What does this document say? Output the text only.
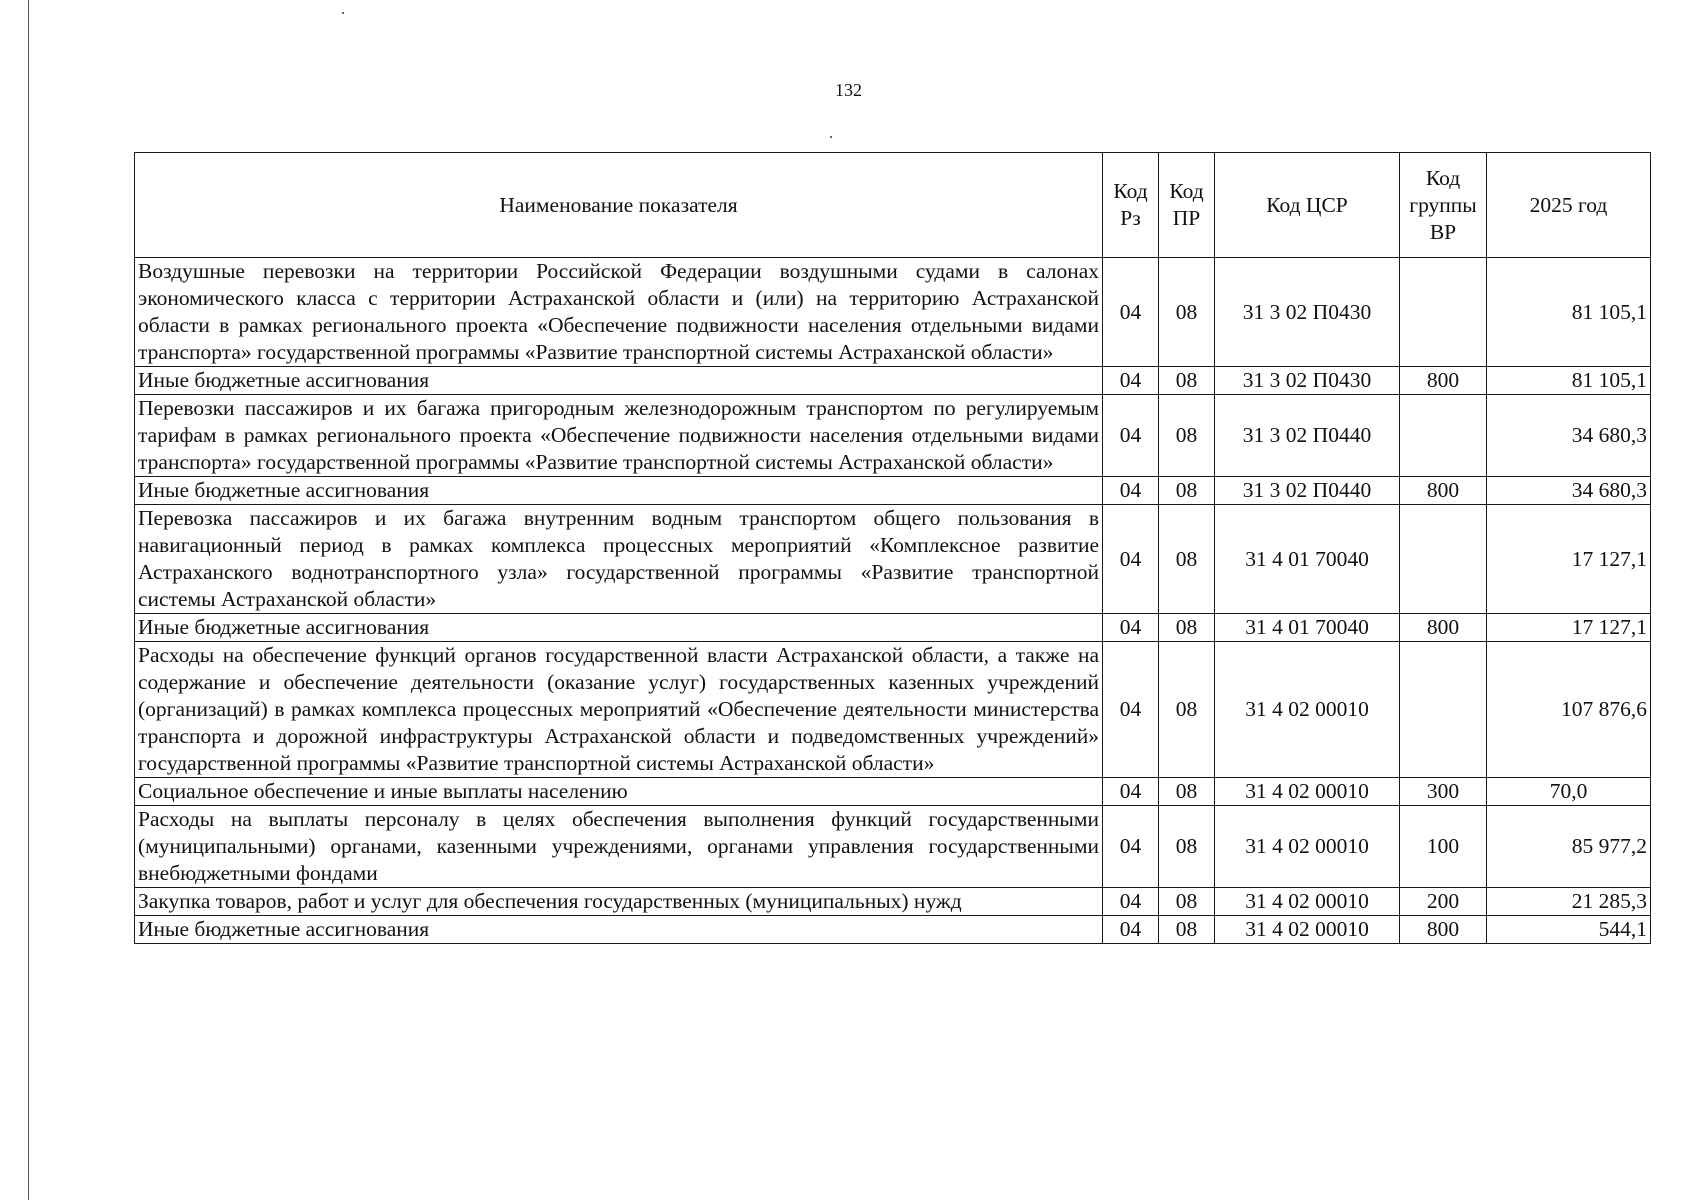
132
Наименование показателя	Код Рз	Код ПР	Код ЦСР	Код группы ВР	2025 год
Воздушные перевозки на территории Российской Федерации воздушными судами в салонах экономического класса с территории Астраханской области и (или) на территорию Астраханской области в рамках регионального проекта «Обеспечение подвижности населения отдельными видами транспорта» государственной программы «Развитие транспортной системы Астраханской области»	04	08	31 3 02 П0430		81 105,1
Иные бюджетные ассигнования	04	08	31 3 02 П0430	800	81 105,1
Перевозки пассажиров и их багажа пригородным железнодорожным транспортом по регулируемым тарифам в рамках регионального проекта «Обеспечение подвижности населения отдельными видами транспорта» государственной программы «Развитие транспортной системы Астраханской области»	04	08	31 3 02 П0440		34 680,3
Иные бюджетные ассигнования	04	08	31 3 02 П0440	800	34 680,3
Перевозка пассажиров и их багажа внутренним водным транспортом общего пользования в навигационный период в рамках комплекса процессных мероприятий «Комплексное развитие Астраханского воднотранспортного узла» государственной программы «Развитие транспортной системы Астраханской области»	04	08	31 4 01 70040		17 127,1
Иные бюджетные ассигнования	04	08	31 4 01 70040	800	17 127,1
Расходы на обеспечение функций органов государственной власти Астраханской области, а также на содержание и обеспечение деятельности (оказание услуг) государственных казенных учреждений (организаций) в рамках комплекса процессных мероприятий «Обеспечение деятельности министерства транспорта и дорожной инфраструктуры Астраханской области и подведомственных учреждений» государственной программы «Развитие транспортной системы Астраханской области»	04	08	31 4 02 00010		107 876,6
Социальное обеспечение и иные выплаты населению	04	08	31 4 02 00010	300	70,0
Расходы на выплаты персоналу в целях обеспечения выполнения функций государственными (муниципальными) органами, казенными учреждениями, органами управления государственными внебюджетными фондами	04	08	31 4 02 00010	100	85 977,2
Закупка товаров, работ и услуг для обеспечения государственных (муниципальных) нужд	04	08	31 4 02 00010	200	21 285,3
Иные бюджетные ассигнования	04	08	31 4 02 00010	800	544,1
